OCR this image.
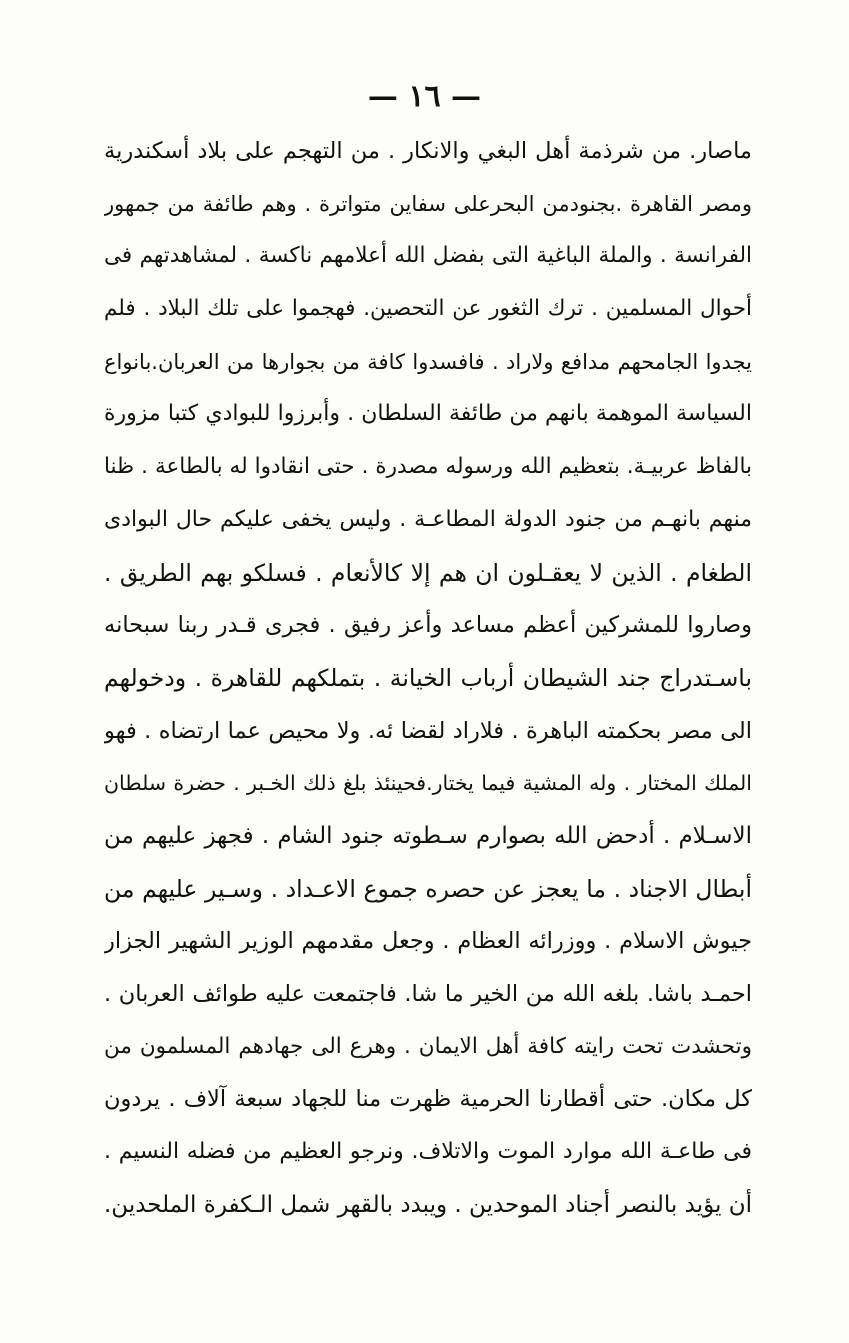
— ١٦ —
ماصار. من شرذمة أهل البغي والانكار . من التهجم على بلاد أسكندرية
ومصر القاهرة .بجنودمن البحرعلى سفاين متواترة . وهم طائفة من جمهور
الفرانسة . والملة الباغية التى بفضل الله أعلامهم ناكسة . لمشاهدتهم فى
أحوال المسلمين . ترك الثغور عن التحصين. فهجموا على تلك البلاد . فلم
يجدوا الجامحهم مدافع ولاراد . فافسدوا كافة من بجوارها من العربان.بانواع
السياسة الموهمة بانهم من طائفة السلطان . وأبرزوا للبوادي كتبا مزورة
بالفاظ عربيـة. بتعظيم الله ورسوله مصدرة . حتى انقادوا له بالطاعة . ظنا
منهم بانهـم من جنود الدولة المطاعـة . وليس يخفى عليكم حال البوادى
الطغام . الذين لا يعقـلون ان هم إلا كالأنعام . فسلكو بهم الطريق .
وصاروا للمشركين أعظم مساعد وأعز رفيق . فجرى قـدر ربنا سبحانه
باسـتدراج جند الشيطان أرباب الخيانة . بتملكهم للقاهرة . ودخولهم
الى مصر بحكمته الباهرة . فلاراد لقضا ئه. ولا محيص عما ارتضاه . فهو
الملك المختار . وله المشية فيما يختار.فحينئذ بلغ ذلك الخـبر . حضرة سلطان
الاسـلام . أدحض الله بصوارم سـطوته جنود الشام . فجهز عليهم من
أبطال الاجناد . ما يعجز عن حصره جموع الاعـداد . وسـير عليهم من
جيوش الاسلام . ووزرائه العظام . وجعل مقدمهم الوزير الشهير الجزار
احمـد باشا. بلغه الله من الخير ما شا. فاجتمعت عليه طوائف العربان .
وتحشدت تحت رايته كافة أهل الايمان . وهرع الى جهادهم المسلمون من
كل مكان. حتى أقطارنا الحرمية ظهرت منا للجهاد سبعة آلاف . يردون
فى طاعـة الله موارد الموت والاتلاف. ونرجو العظيم من فضله النسيم .
أن يؤيد بالنصر أجناد الموحدين . ويبدد بالقهر شمل الـكفرة الملحدين.
